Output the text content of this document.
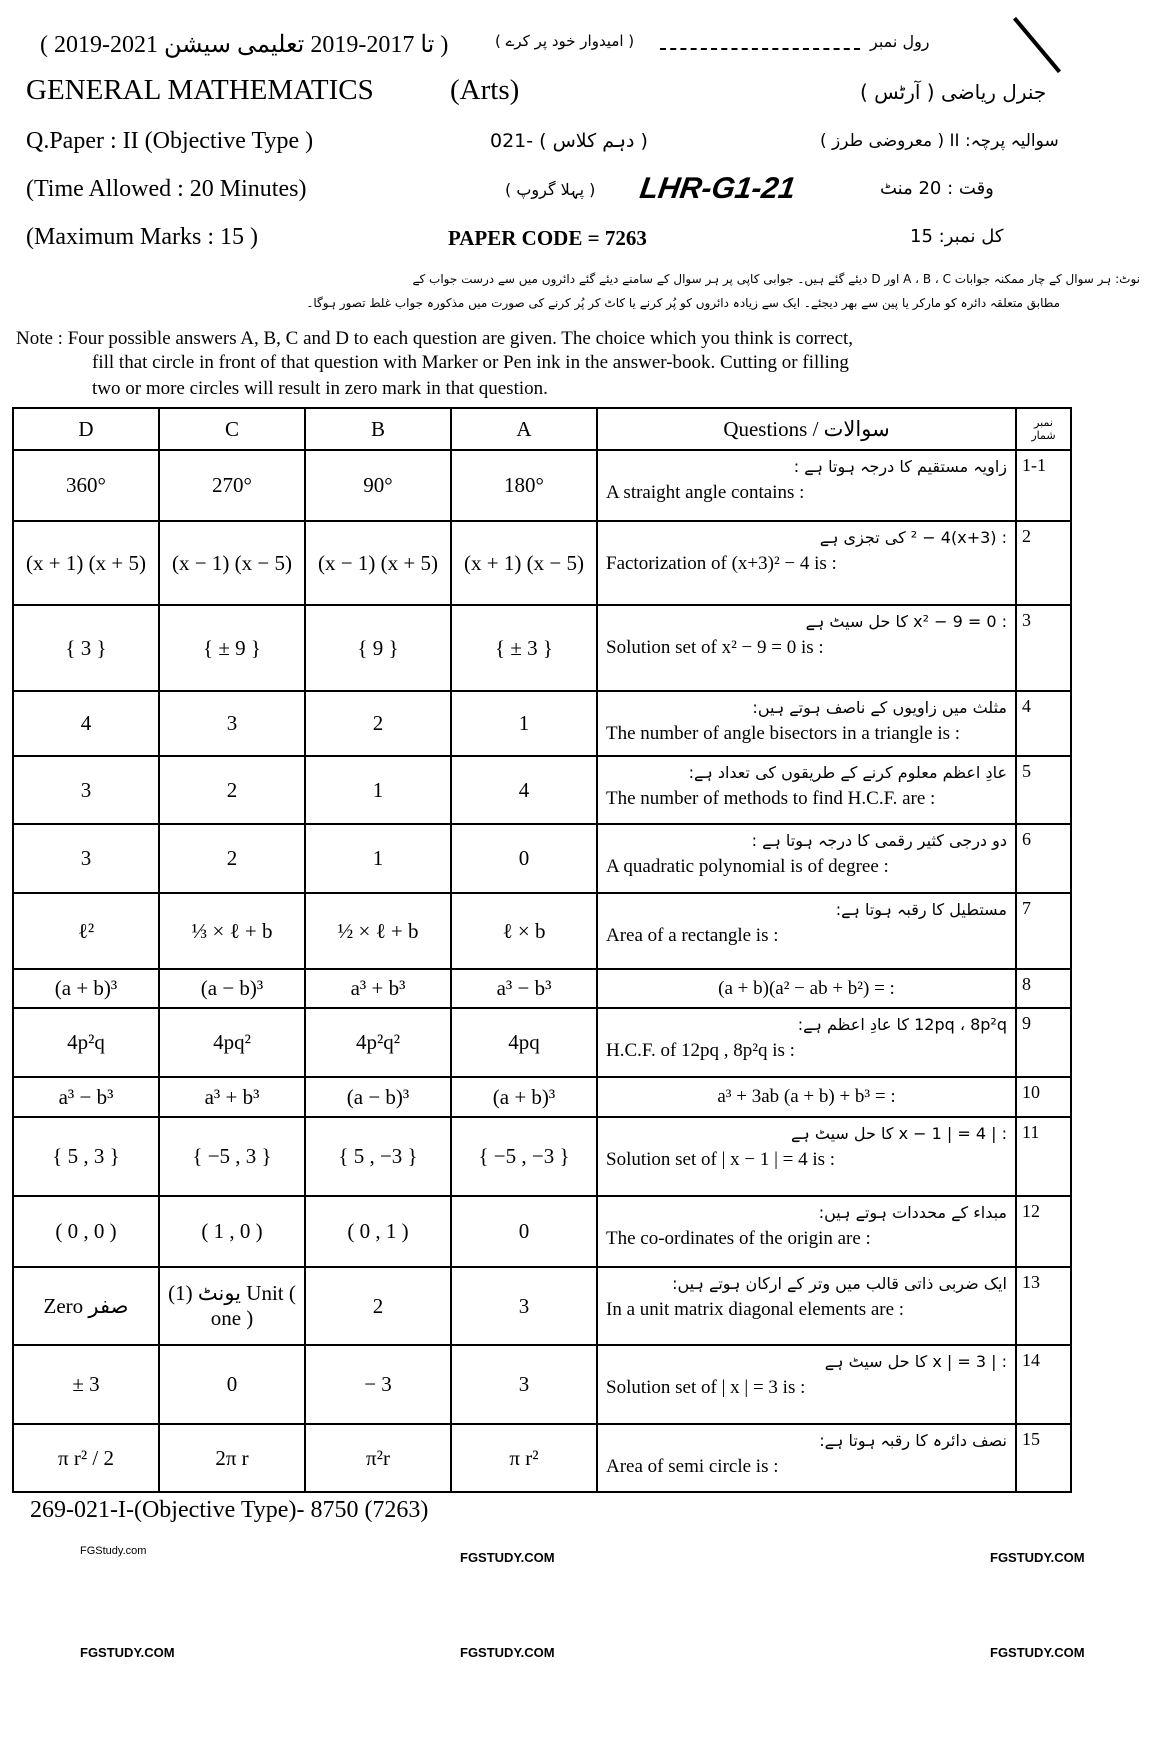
( 2019-2021 تا 2017-2019 تعلیمی سیشن )	( امیدوار خود پر کرے )	رول نمبر
GENERAL MATHEMATICS	(Arts)	جنرل ریاضی ( آرٹس )
Q.Paper : II (Objective Type )	( دہم کلاس ) -021	سوالیہ پرچہ: II ( معروضی طرز )
(Time Allowed : 20 Minutes)	( پہلا گروپ ) LHR-G1-21	وقت : 20 منٹ
(Maximum Marks : 15 )	PAPER CODE = 7263	کل نمبر: 15
نوٹ: ہر سوال کے چار ممکنہ جوابات A ، B ، C اور D دیئے گئے ہیں۔ جوابی کاپی پر ہر سوال کے سامنے دیئے گئے دائروں میں سے درست جواب کے
مطابق متعلقہ دائرہ کو مارکر یا پین سے بھر دیجئے۔ ایک سے زیادہ دائروں کو پُر کرنے یا کاٹ کر پُر کرنے کی صورت میں مذکورہ جواب غلط تصور ہوگا۔
Note : Four possible answers A, B, C and D to each question are given. The choice which you think is correct,
fill that circle in front of that question with Marker or Pen ink in the answer-book. Cutting or filling
two or more circles will result in zero mark in that question.
D	C	B	A	Questions / سوالات	نمبر شمار
360°	270°	90°	180°	زاویہ مستقیم کا درجہ ہوتا ہے :
A straight angle contains :	1-1
(x + 1) (x + 5)	(x − 1) (x − 5)	(x − 1) (x + 5)	(x + 1) (x − 5)	: (x+3)² − 4 کی تجزی ہے
Factorization of (x+3)² − 4 is :	2
{ 3 }	{ ± 9 }	{ 9 }	{ ± 3 }	: x² − 9 = 0 کا حل سیٹ ہے
Solution set of x² − 9 = 0 is :	3
4	3	2	1	مثلث میں زاویوں کے ناصف ہوتے ہیں:
The number of angle bisectors in a triangle is :	4
3	2	1	4	عادِ اعظم معلوم کرنے کے طریقوں کی تعداد ہے:
The number of methods to find H.C.F. are :	5
3	2	1	0	دو درجی کثیر رقمی کا درجہ ہوتا ہے :
A quadratic polynomial is of degree :	6
ℓ²	⅓ × ℓ + b	½ × ℓ + b	ℓ × b	مستطیل کا رقبہ ہوتا ہے:
Area of a rectangle is :	7
(a + b)³	(a − b)³	a³ + b³	a³ − b³	(a + b)(a² − ab + b²) = :	8
4p²q	4pq²	4p²q²	4pq	12pq ، 8p²q کا عادِ اعظم ہے:
H.C.F. of 12pq , 8p²q is :	9
a³ − b³	a³ + b³	(a − b)³	(a + b)³	a³ + 3ab (a + b) + b³ = :	10
{ 5 , 3 }	{ −5 , 3 }	{ 5 , −3 }	{ −5 , −3 }	: | x − 1 | = 4 کا حل سیٹ ہے
Solution set of | x − 1 | = 4 is :	11
( 0 , 0 )	( 1 , 0 )	( 0 , 1 )	0	مبداء کے محددات ہوتے ہیں:
The co-ordinates of the origin are :	12
Zero صفر	یونٹ (1) Unit ( one )	2	3	ایک ضربی ذاتی قالب میں وتر کے ارکان ہوتے ہیں:
In a unit matrix diagonal elements are :	13
± 3	0	− 3	3	: | x | = 3 کا حل سیٹ ہے
Solution set of | x | = 3 is :	14
π r² / 2	2π r	π²r	π r²	نصف دائرہ کا رقبہ ہوتا ہے:
Area of semi circle is :	15
269-021-I-(Objective Type)- 8750 (7263)
FGStudy.com	FGSTUDY.COM	FGSTUDY.COM
FGSTUDY.COM	FGSTUDY.COM	FGSTUDY.COM
